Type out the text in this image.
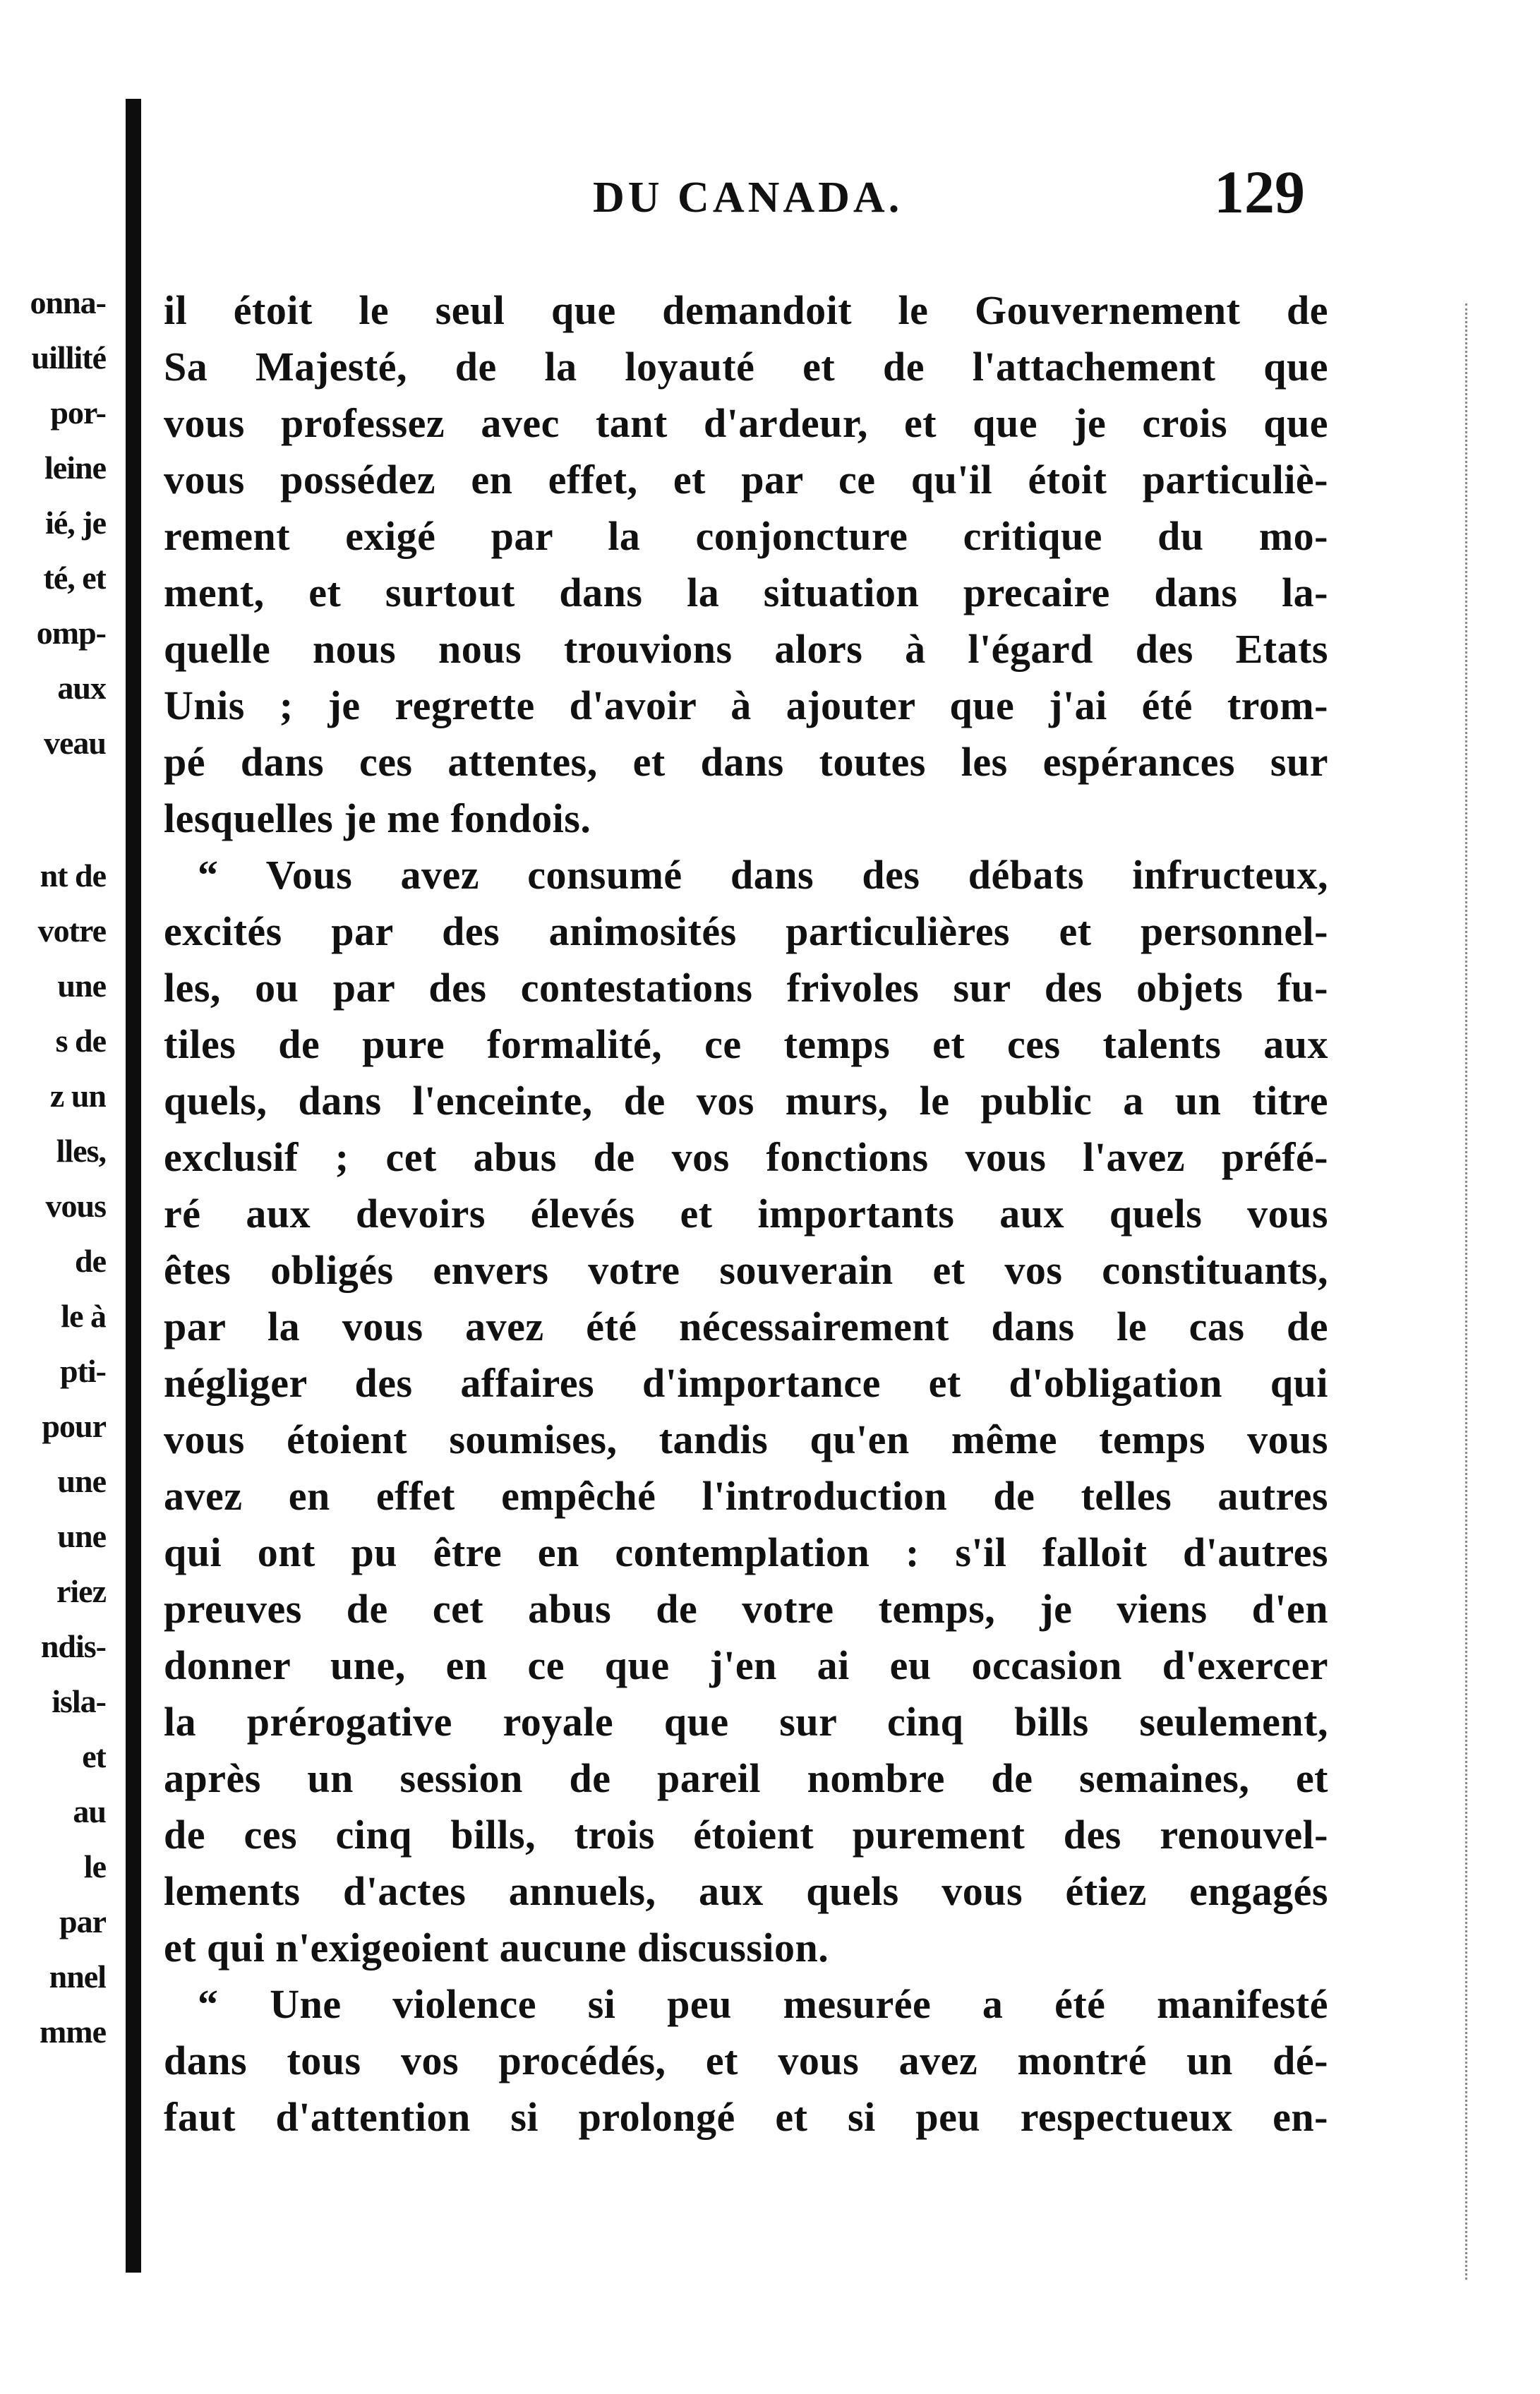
onna-
uillité
por-
leine
ié, je
té, et
omp-
aux
veau
nt de
votre
une
s de
z un
lles,
vous
de
le à
pti-
pour
une
une
riez
ndis-
isla-
et
au
le
par
nnel
mme
DU CANADA.	129
il étoit le seul que demandoit le Gouvernement de
Sa Majesté, de la loyauté et de l'attachement que
vous professez avec tant d'ardeur, et que je crois que
vous possédez en effet, et par ce qu'il étoit particuliè-
rement exigé par la conjoncture critique du mo-
ment, et surtout dans la situation precaire dans la-
quelle nous nous trouvions alors à l'égard des Etats
Unis ; je regrette d'avoir à ajouter que j'ai été trom-
pé dans ces attentes, et dans toutes les espérances sur
lesquelles je me fondois.
“ Vous avez consumé dans des débats infructeux,
excités par des animosités particulières et personnel-
les, ou par des contestations frivoles sur des objets fu-
tiles de pure formalité, ce temps et ces talents aux
quels, dans l'enceinte, de vos murs, le public a un titre
exclusif ; cet abus de vos fonctions vous l'avez préfé-
ré aux devoirs élevés et importants aux quels vous
êtes obligés envers votre souverain et vos constituants,
par la vous avez été nécessairement dans le cas de
négliger des affaires d'importance et d'obligation qui
vous étoient soumises, tandis qu'en même temps vous
avez en effet empêché l'introduction de telles autres
qui ont pu être en contemplation : s'il falloit d'autres
preuves de cet abus de votre temps, je viens d'en
donner une, en ce que j'en ai eu occasion d'exercer
la prérogative royale que sur cinq bills seulement,
après un session de pareil nombre de semaines, et
de ces cinq bills, trois étoient purement des renouvel-
lements d'actes annuels, aux quels vous étiez engagés
et qui n'exigeoient aucune discussion.
“ Une violence si peu mesurée a été manifesté
dans tous vos procédés, et vous avez montré un dé-
faut d'attention si prolongé et si peu respectueux en-
